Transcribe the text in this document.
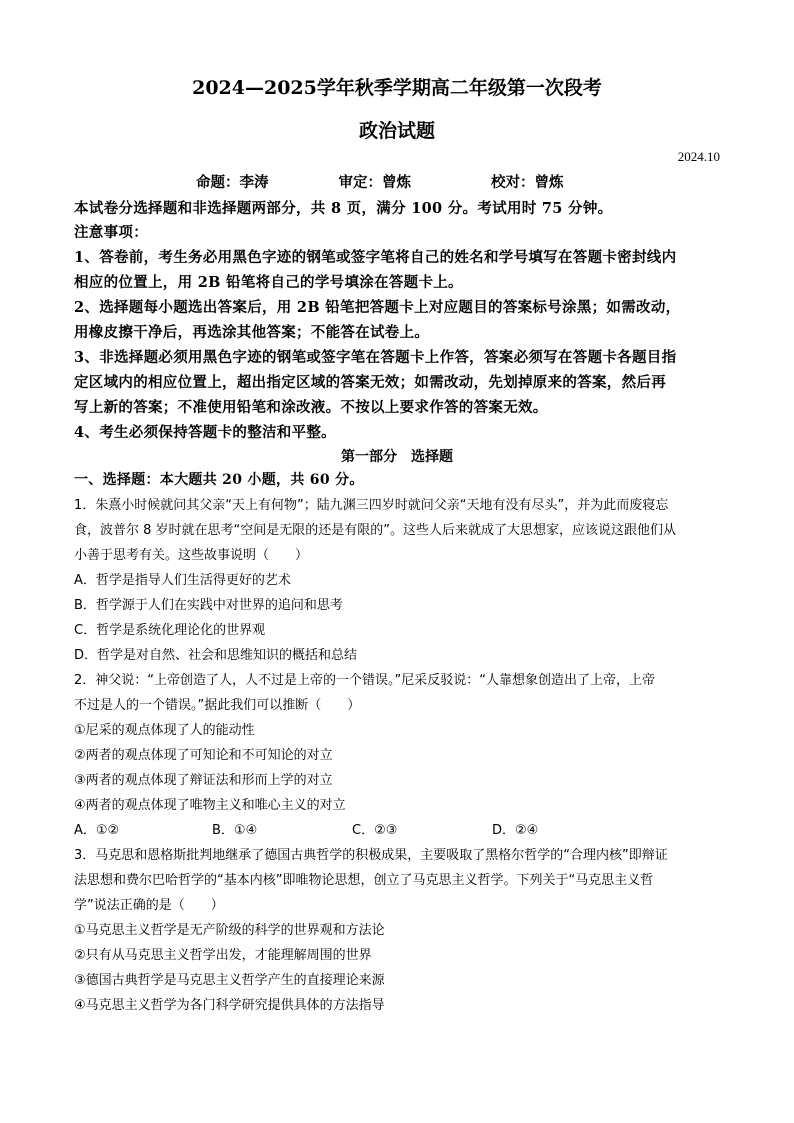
2024—2025学年秋季学期高二年级第一次段考
政治试题
2024.10
命题：李涛	审定：曾炼	校对：曾炼
本试卷分选择题和非选择题两部分，共 8 页，满分 100 分。考试用时 75 分钟。
注意事项：
1、答卷前，考生务必用黑色字迹的钢笔或签字笔将自己的姓名和学号填写在答题卡密封线内
相应的位置上，用 2B 铅笔将自己的学号填涂在答题卡上。
2、选择题每小题选出答案后，用 2B 铅笔把答题卡上对应题目的答案标号涂黑；如需改动，
用橡皮擦干净后，再选涂其他答案；不能答在试卷上。
3、非选择题必须用黑色字迹的钢笔或签字笔在答题卡上作答，答案必须写在答题卡各题目指
定区域内的相应位置上，超出指定区域的答案无效；如需改动，先划掉原来的答案，然后再
写上新的答案；不准使用铅笔和涂改液。不按以上要求作答的答案无效。
4、考生必须保持答题卡的整洁和平整。
第一部分　选择题
一、选择题：本大题共 20 小题，共 60 分。
1．朱熹小时候就问其父亲“天上有何物”；陆九渊三四岁时就问父亲“天地有没有尽头”，并为此而废寝忘
食，波普尔 8 岁时就在思考“空间是无限的还是有限的”。这些人后来就成了大思想家，应该说这跟他们从
小善于思考有关。这些故事说明（　　）
A．哲学是指导人们生活得更好的艺术
B．哲学源于人们在实践中对世界的追问和思考
C．哲学是系统化理论化的世界观
D．哲学是对自然、社会和思维知识的概括和总结
2．神父说：“上帝创造了人，人不过是上帝的一个错误。”尼采反驳说：“人靠想象创造出了上帝，上帝
不过是人的一个错误。”据此我们可以推断（　　）
①尼采的观点体现了人的能动性
②两者的观点体现了可知论和不可知论的对立
③两者的观点体现了辩证法和形而上学的对立
④两者的观点体现了唯物主义和唯心主义的对立
A．①②	B．①④	C．②③	D．②④
3．马克思和恩格斯批判地继承了德国古典哲学的积极成果，主要吸取了黑格尔哲学的“合理内核”即辩证
法思想和费尔巴哈哲学的“基本内核”即唯物论思想，创立了马克思主义哲学。下列关于“马克思主义哲
学”说法正确的是（　　）
①马克思主义哲学是无产阶级的科学的世界观和方法论
②只有从马克思主义哲学出发，才能理解周围的世界
③德国古典哲学是马克思主义哲学产生的直接理论来源
④马克思主义哲学为各门科学研究提供具体的方法指导
